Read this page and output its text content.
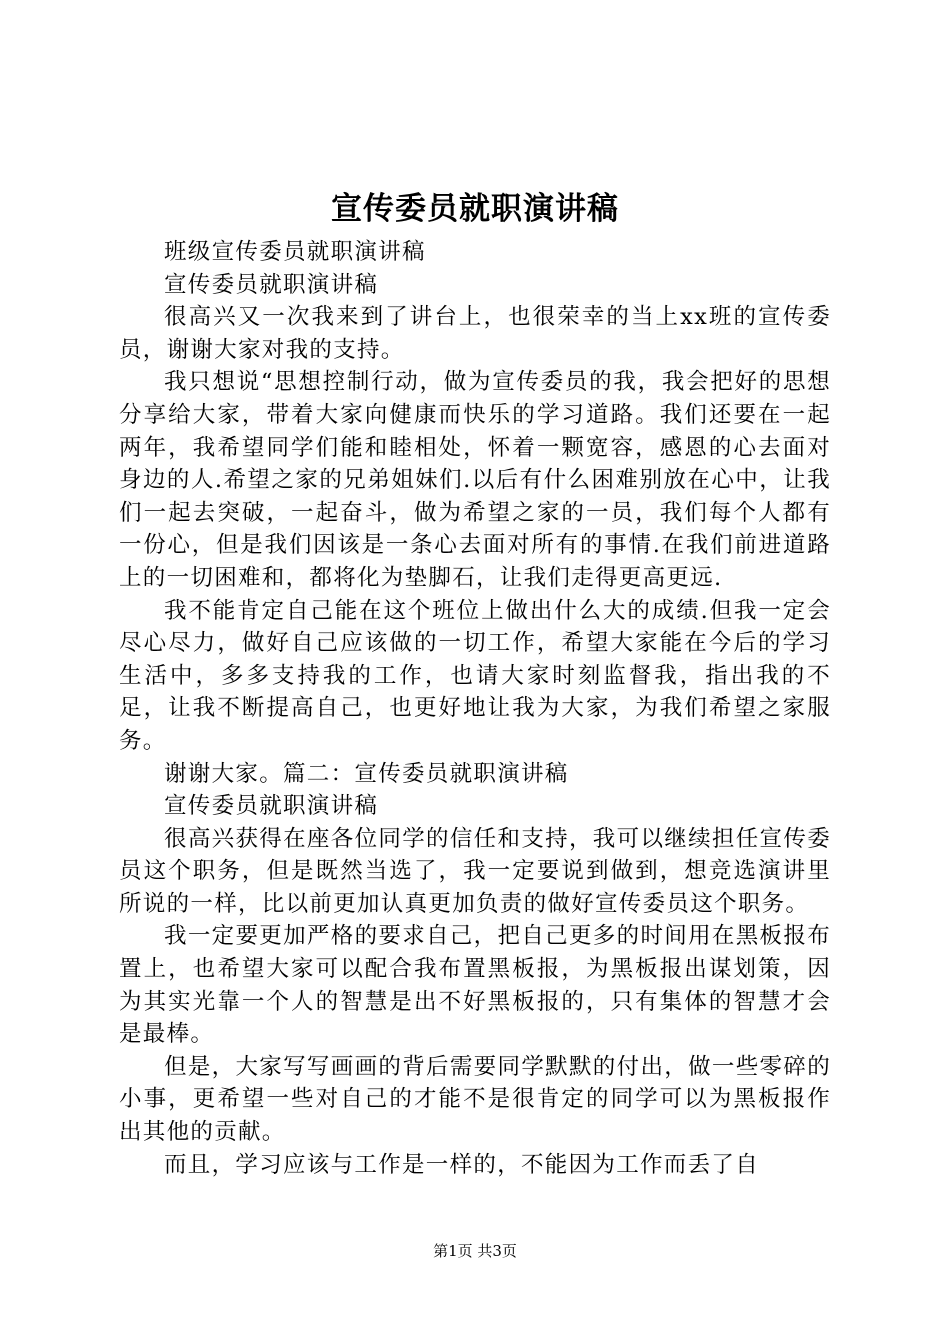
宣传委员就职演讲稿

班级宣传委员就职演讲稿

宣传委员就职演讲稿

很高兴又一次我来到了讲台上，也很荣幸的当上xx班的宣传委员，谢谢大家对我的支持。

我只想说“思想控制行动，做为宣传委员的我，我会把好的思想分享给大家，带着大家向健康而快乐的学习道路。我们还要在一起两年，我希望同学们能和睦相处，怀着一颗宽容，感恩的心去面对身边的人.希望之家的兄弟姐妹们.以后有什么困难别放在心中，让我们一起去突破，一起奋斗，做为希望之家的一员，我们每个人都有一份心，但是我们因该是一条心去面对所有的事情.在我们前进道路上的一切困难和，都将化为垫脚石，让我们走得更高更远.

我不能肯定自己能在这个班位上做出什么大的成绩.但我一定会尽心尽力，做好自己应该做的一切工作，希望大家能在今后的学习生活中，多多支持我的工作，也请大家时刻监督我，指出我的不足，让我不断提高自己，也更好地让我为大家，为我们希望之家服务。

谢谢大家。篇二：宣传委员就职演讲稿

宣传委员就职演讲稿

很高兴获得在座各位同学的信任和支持，我可以继续担任宣传委员这个职务，但是既然当选了，我一定要说到做到，想竞选演讲里所说的一样，比以前更加认真更加负责的做好宣传委员这个职务。

我一定要更加严格的要求自己，把自己更多的时间用在黑板报布置上，也希望大家可以配合我布置黑板报，为黑板报出谋划策，因为其实光靠一个人的智慧是出不好黑板报的，只有集体的智慧才会是最棒。

但是，大家写写画画的背后需要同学默默的付出，做一些零碎的小事，更希望一些对自己的才能不是很肯定的同学可以为黑板报作出其他的贡献。

而且，学习应该与工作是一样的，不能因为工作而丢了自

第1页 共3页
